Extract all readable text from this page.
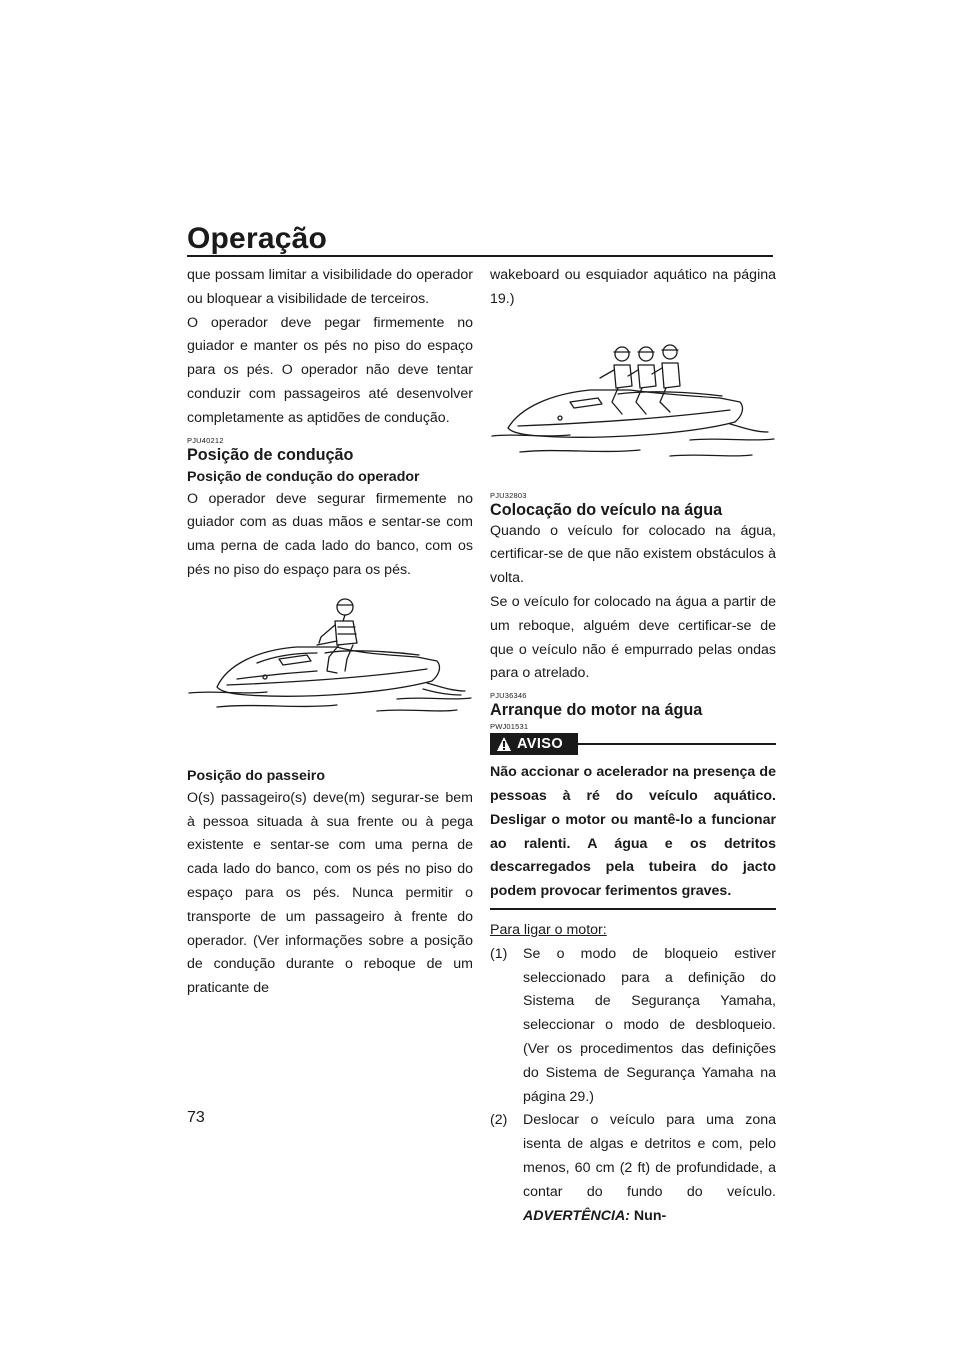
Operação

que possam limitar a visibilidade do operador ou bloquear a visibilidade de terceiros.

O operador deve pegar firmemente no guiador e manter os pés no piso do espaço para os pés. O operador não deve tentar conduzir com passageiros até desenvolver completamente as aptidões de condução.

PJU40212
Posição de condução
Posição de condução do operador

O operador deve segurar firmemente no guiador com as duas mãos e sentar-se com uma perna de cada lado do banco, com os pés no piso do espaço para os pés.

Posição do passeiro

O(s) passageiro(s) deve(m) segurar-se bem à pessoa situada à sua frente ou à pega existente e sentar-se com uma perna de cada lado do banco, com os pés no piso do espaço para os pés. Nunca permitir o transporte de um passageiro à frente do operador. (Ver informações sobre a posição de condução durante o reboque de um praticante de

wakeboard ou esquiador aquático na página 19.)

PJU32803
Colocação do veículo na água

Quando o veículo for colocado na água, certificar-se de que não existem obstáculos à volta.

Se o veículo for colocado na água a partir de um reboque, alguém deve certificar-se de que o veículo não é empurrado pelas ondas para o atrelado.

PJU36346
Arranque do motor na água
PWJ01531
AVISO
Não accionar o acelerador na presença de pessoas à ré do veículo aquático. Desligar o motor ou mantê-lo a funcionar ao ralenti. A água e os detritos descarregados pela tubeira do jacto podem provocar ferimentos graves.
Para ligar o motor:
(1)	Se o modo de bloqueio estiver seleccionado para a definição do Sistema de Segurança Yamaha, seleccionar o modo de desbloqueio. (Ver os procedimentos das definições do Sistema de Segurança Yamaha na página 29.)
(2)	Deslocar o veículo para uma zona isenta de algas e detritos e com, pelo menos, 60 cm (2 ft) de profundidade, a contar do fundo do veículo. ADVERTÊNCIA: Nun-
73
